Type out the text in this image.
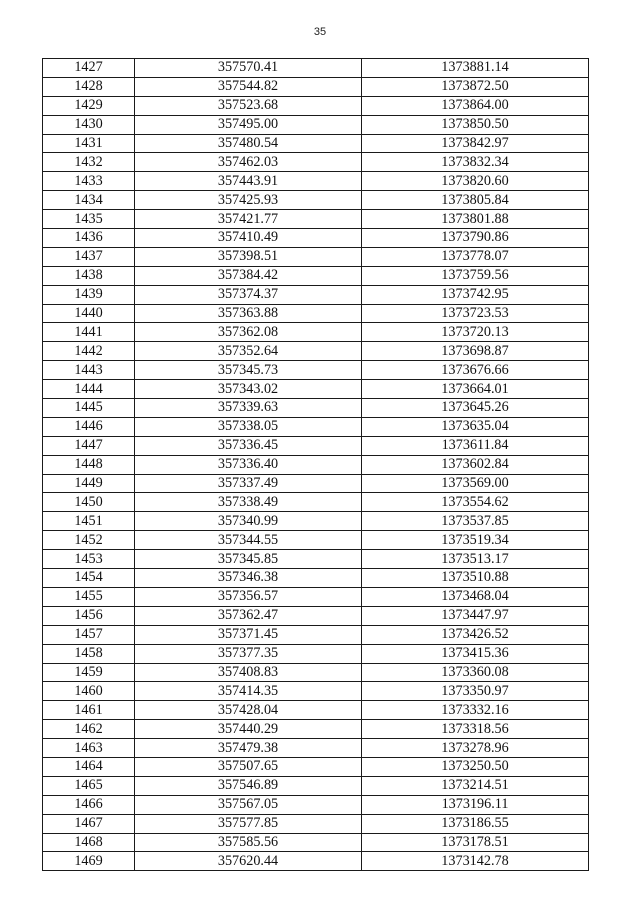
35
1427	357570.41	1373881.14
1428	357544.82	1373872.50
1429	357523.68	1373864.00
1430	357495.00	1373850.50
1431	357480.54	1373842.97
1432	357462.03	1373832.34
1433	357443.91	1373820.60
1434	357425.93	1373805.84
1435	357421.77	1373801.88
1436	357410.49	1373790.86
1437	357398.51	1373778.07
1438	357384.42	1373759.56
1439	357374.37	1373742.95
1440	357363.88	1373723.53
1441	357362.08	1373720.13
1442	357352.64	1373698.87
1443	357345.73	1373676.66
1444	357343.02	1373664.01
1445	357339.63	1373645.26
1446	357338.05	1373635.04
1447	357336.45	1373611.84
1448	357336.40	1373602.84
1449	357337.49	1373569.00
1450	357338.49	1373554.62
1451	357340.99	1373537.85
1452	357344.55	1373519.34
1453	357345.85	1373513.17
1454	357346.38	1373510.88
1455	357356.57	1373468.04
1456	357362.47	1373447.97
1457	357371.45	1373426.52
1458	357377.35	1373415.36
1459	357408.83	1373360.08
1460	357414.35	1373350.97
1461	357428.04	1373332.16
1462	357440.29	1373318.56
1463	357479.38	1373278.96
1464	357507.65	1373250.50
1465	357546.89	1373214.51
1466	357567.05	1373196.11
1467	357577.85	1373186.55
1468	357585.56	1373178.51
1469	357620.44	1373142.78
